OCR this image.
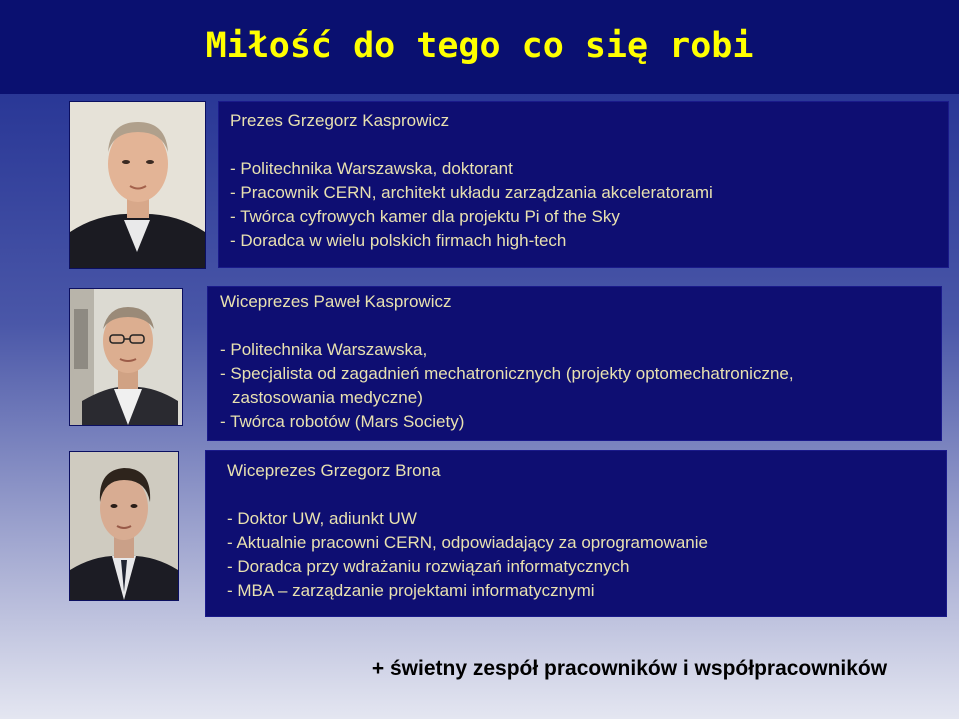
Miłość do tego co się robi
Prezes Grzegorz Kasprowicz
- Politechnika Warszawska, doktorant
- Pracownik CERN, architekt układu zarządzania akceleratorami
- Twórca cyfrowych kamer dla projektu Pi of the Sky
- Doradca w wielu polskich firmach high-tech
Wiceprezes Paweł Kasprowicz
- Politechnika Warszawska,
- Specjalista od zagadnień mechatronicznych (projekty optomechatroniczne,
zastosowania medyczne)
- Twórca robotów (Mars Society)
Wiceprezes Grzegorz Brona
- Doktor UW, adiunkt UW
- Aktualnie pracowni CERN, odpowiadający za oprogramowanie
- Doradca przy wdrażaniu rozwiązań informatycznych
- MBA – zarządzanie projektami informatycznymi
+ świetny zespół pracowników i współpracowników
